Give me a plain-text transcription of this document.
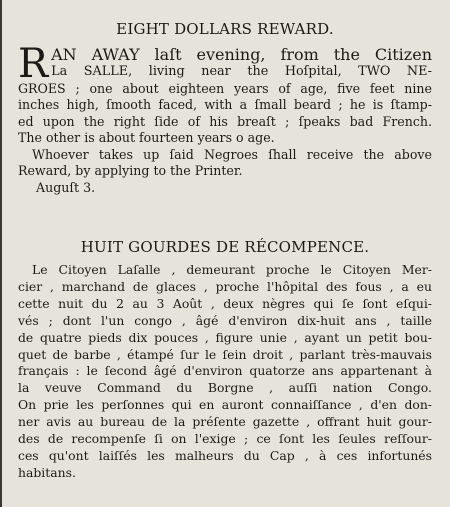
EIGHT DOLLARS REWARD.
R AN AWAY laſt evening, from the Citizen
La SALLE, living near the Hoſpital, TWO NE-
GROES ; one about eighteen years of age, five feet nine
inches high, ſmooth faced, with a ſmall beard ; he is ſtamp-
ed upon the right ſide of his breaſt ; ſpeaks bad French.
The other is about fourteen years o age.
Whoever takes up ſaid Negroes ſhall receive the above
Reward, by applying to the Printer.
Auguſt 3.
HUIT GOURDES DE RÉCOMPENCE.
Le Citoyen Laſalle , demeurant proche le Citoyen Mer-
cier , marchand de glaces , proche l'hôpital des fous , a eu
cette nuit du 2 au 3 Août , deux nègres qui ſe ſont eſqui-
vés ; dont l'un congo , âgé d'environ dix-huit ans , taille
de quatre pieds dix pouces , figure unie , ayant un petit bou-
quet de barbe , étampé ſur le ſein droit , parlant très-mauvais
français : le ſecond âgé d'environ quatorze ans appartenant à
la veuve Command du Borgne , auſſi nation Congo.
On prie les perſonnes qui en auront connaiſſance , d'en don-
ner avis au bureau de la préſente gazette , offrant huit gour-
des de recompenſe ſi on l'exige ; ce ſont les ſeules reſſour-
ces qu'ont laiſſés les malheurs du Cap , à ces infortunés
habitans.
